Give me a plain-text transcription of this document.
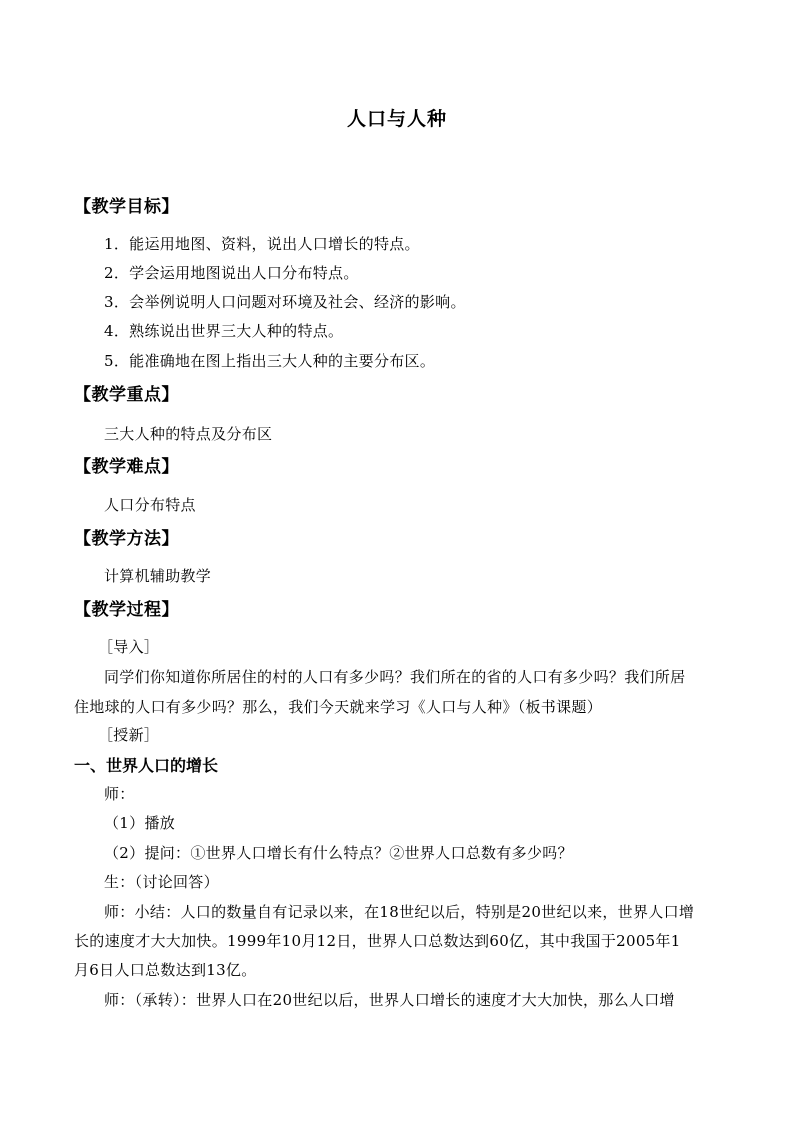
人口与人种
【教学目标】
1．能运用地图、资料，说出人口增长的特点。
2．学会运用地图说出人口分布特点。
3．会举例说明人口问题对环境及社会、经济的影响。
4．熟练说出世界三大人种的特点。
5．能准确地在图上指出三大人种的主要分布区。
【教学重点】
三大人种的特点及分布区
【教学难点】
人口分布特点
【教学方法】
计算机辅助教学
【教学过程】
［导入］
同学们你知道你所居住的村的人口有多少吗？我们所在的省的人口有多少吗？我们所居
住地球的人口有多少吗？那么，我们今天就来学习《人口与人种》（板书课题）
［授新］
一、世界人口的增长
师：
（1）播放
（2）提问：①世界人口增长有什么特点？②世界人口总数有多少吗？
生：（讨论回答）
师：小结：人口的数量自有记录以来，在18世纪以后，特别是20世纪以来，世界人口增
长的速度才大大加快。1999年10月12日，世界人口总数达到60亿，其中我国于2005年1
月6日人口总数达到13亿。
师：（承转）：世界人口在20世纪以后，世界人口增长的速度才大大加快，那么人口增
